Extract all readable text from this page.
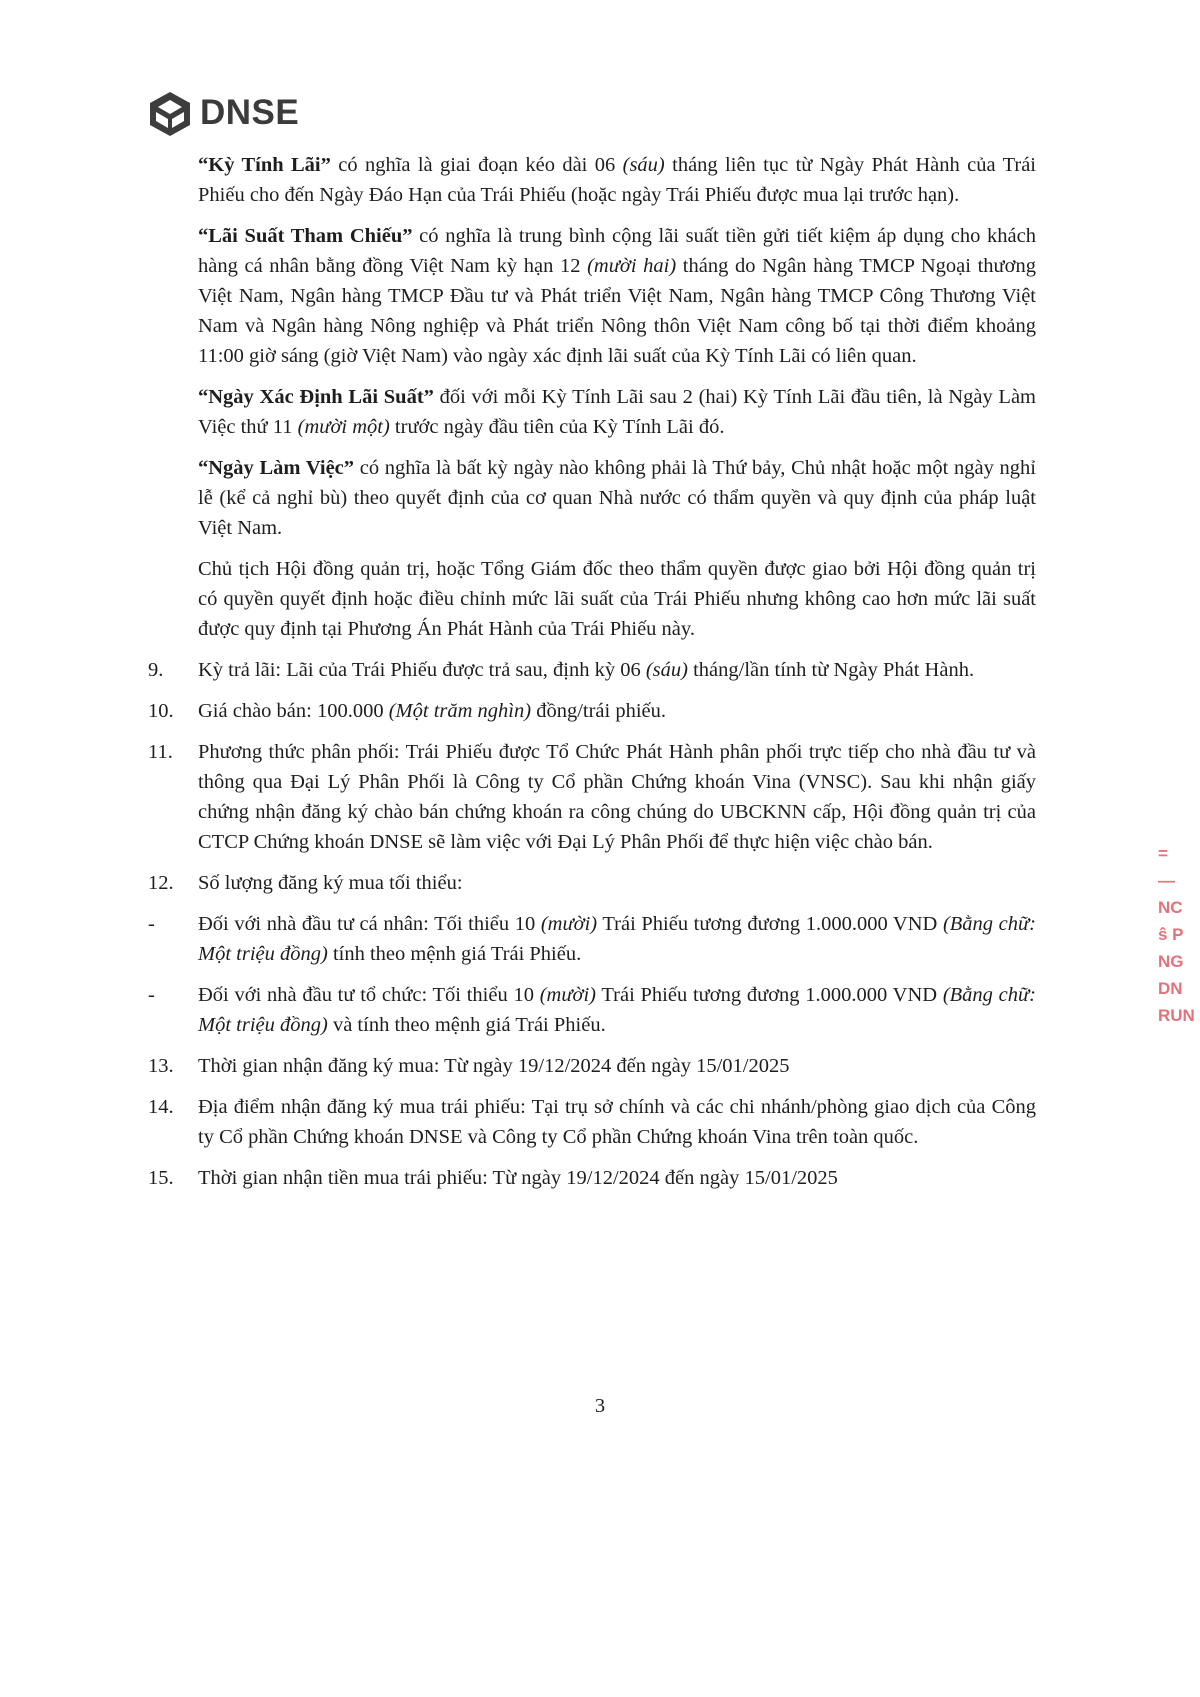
DNSE

“Kỳ Tính Lãi” có nghĩa là giai đoạn kéo dài 06 (sáu) tháng liên tục từ Ngày Phát Hành của Trái Phiếu cho đến Ngày Đáo Hạn của Trái Phiếu (hoặc ngày Trái Phiếu được mua lại trước hạn).

“Lãi Suất Tham Chiếu” có nghĩa là trung bình cộng lãi suất tiền gửi tiết kiệm áp dụng cho khách hàng cá nhân bằng đồng Việt Nam kỳ hạn 12 (mười hai) tháng do Ngân hàng TMCP Ngoại thương Việt Nam, Ngân hàng TMCP Đầu tư và Phát triển Việt Nam, Ngân hàng TMCP Công Thương Việt Nam và Ngân hàng Nông nghiệp và Phát triển Nông thôn Việt Nam công bố tại thời điểm khoảng 11:00 giờ sáng (giờ Việt Nam) vào ngày xác định lãi suất của Kỳ Tính Lãi có liên quan.

“Ngày Xác Định Lãi Suất” đối với mỗi Kỳ Tính Lãi sau 2 (hai) Kỳ Tính Lãi đầu tiên, là Ngày Làm Việc thứ 11 (mười một) trước ngày đầu tiên của Kỳ Tính Lãi đó.

“Ngày Làm Việc” có nghĩa là bất kỳ ngày nào không phải là Thứ bảy, Chủ nhật hoặc một ngày nghỉ lễ (kể cả nghỉ bù) theo quyết định của cơ quan Nhà nước có thẩm quyền và quy định của pháp luật Việt Nam.

Chủ tịch Hội đồng quản trị, hoặc Tổng Giám đốc theo thẩm quyền được giao bởi Hội đồng quản trị có quyền quyết định hoặc điều chỉnh mức lãi suất của Trái Phiếu nhưng không cao hơn mức lãi suất được quy định tại Phương Án Phát Hành của Trái Phiếu này.

9.	Kỳ trả lãi: Lãi của Trái Phiếu được trả sau, định kỳ 06 (sáu) tháng/lần tính từ Ngày Phát Hành.

10.	Giá chào bán: 100.000 (Một trăm nghìn) đồng/trái phiếu.

11.	Phương thức phân phối: Trái Phiếu được Tổ Chức Phát Hành phân phối trực tiếp cho nhà đầu tư và thông qua Đại Lý Phân Phối là Công ty Cổ phần Chứng khoán Vina (VNSC). Sau khi nhận giấy chứng nhận đăng ký chào bán chứng khoán ra công chúng do UBCKNN cấp, Hội đồng quản trị của CTCP Chứng khoán DNSE sẽ làm việc với Đại Lý Phân Phối để thực hiện việc chào bán.

12.	Số lượng đăng ký mua tối thiểu:

-	Đối với nhà đầu tư cá nhân: Tối thiểu 10 (mười) Trái Phiếu tương đương 1.000.000 VND (Bằng chữ: Một triệu đồng) tính theo mệnh giá Trái Phiếu.

-	Đối với nhà đầu tư tổ chức: Tối thiểu 10 (mười) Trái Phiếu tương đương 1.000.000 VND (Bằng chữ: Một triệu đồng) và tính theo mệnh giá Trái Phiếu.

13.	Thời gian nhận đăng ký mua: Từ ngày 19/12/2024 đến ngày 15/01/2025

14.	Địa điểm nhận đăng ký mua trái phiếu: Tại trụ sở chính và các chi nhánh/phòng giao dịch của Công ty Cổ phần Chứng khoán DNSE và Công ty Cổ phần Chứng khoán Vina trên toàn quốc.

15.	Thời gian nhận tiền mua trái phiếu: Từ ngày 19/12/2024 đến ngày 15/01/2025

3
=
—
NC
ŝ P
NG
DN
RUN
